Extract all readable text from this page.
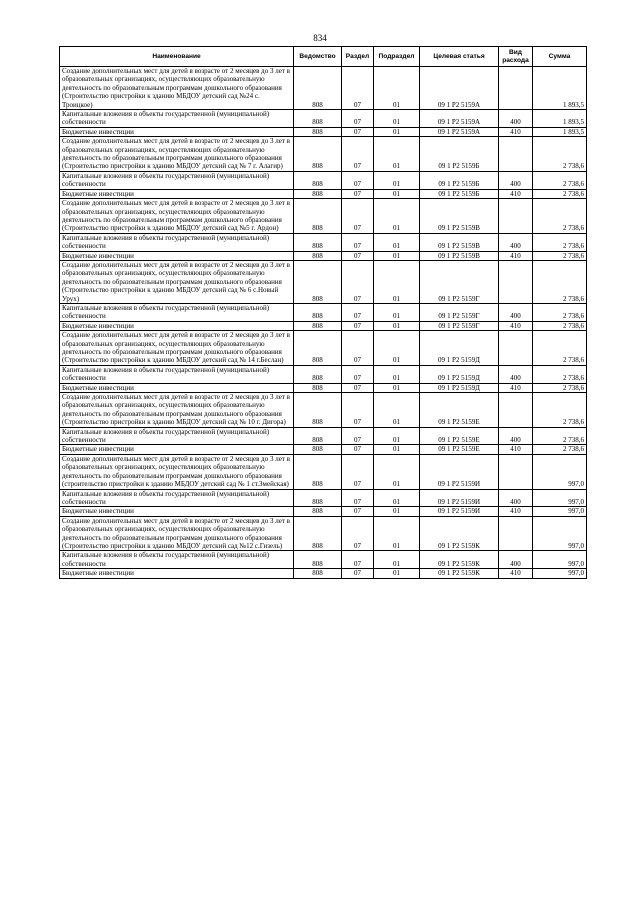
834
Наименование	Ведомство	Раздел	Подраздел	Целевая статья	Вид расхода	Сумма
Создание дополнительных мест для детей в возрасте от 2 месяцев до 3 лет в образовательных организациях, осуществляющих образовательную деятельность по образовательным программам дошкольного образования (Строительство пристройки к зданию МБДОУ детский сад №24 с. Троицкое)	808	07	01	09 1 P2 5159A		1 893,5
Капитальные вложения в объекты государственной (муниципальной) собственности	808	07	01	09 1 P2 5159A	400	1 893,5
Бюджетные инвестиции	808	07	01	09 1 P2 5159A	410	1 893,5
Создание дополнительных мест для детей в возрасте от 2 месяцев до 3 лет в образовательных организациях, осуществляющих образовательную деятельность по образовательным программам дошкольного образования (Строительство пристройки к зданию МБДОУ детский сад № 7 г. Алагир)	808	07	01	09 1 P2 5159Б		2 738,6
Капитальные вложения в объекты государственной (муниципальной) собственности	808	07	01	09 1 P2 5159Б	400	2 738,6
Бюджетные инвестиции	808	07	01	09 1 P2 5159Б	410	2 738,6
Создание дополнительных мест для детей в возрасте от 2 месяцев до 3 лет в образовательных организациях, осуществляющих образовательную деятельность по образовательным программам дошкольного образования (Строительство пристройки к зданию МБДОУ детский сад №5 г. Ардон)	808	07	01	09 1 P2 5159В		2 738,6
Капитальные вложения в объекты государственной (муниципальной) собственности	808	07	01	09 1 P2 5159В	400	2 738,6
Бюджетные инвестиции	808	07	01	09 1 P2 5159В	410	2 738,6
Создание дополнительных мест для детей в возрасте от 2 месяцев до 3 лет в образовательных организациях, осуществляющих образовательную деятельность по образовательным программам дошкольного образования (Строительство пристройки к зданию МБДОУ детский сад № 6 с.Новый Урух)	808	07	01	09 1 P2 5159Г		2 738,6
Капитальные вложения в объекты государственной (муниципальной) собственности	808	07	01	09 1 P2 5159Г	400	2 738,6
Бюджетные инвестиции	808	07	01	09 1 P2 5159Г	410	2 738,6
Создание дополнительных мест для детей в возрасте от 2 месяцев до 3 лет в образовательных организациях, осуществляющих образовательную деятельность по образовательным программам дошкольного образования (Строительство пристройки к зданию МБДОУ детский сад № 14 г.Беслан)	808	07	01	09 1 P2 5159Д		2 738,6
Капитальные вложения в объекты государственной (муниципальной) собственности	808	07	01	09 1 P2 5159Д	400	2 738,6
Бюджетные инвестиции	808	07	01	09 1 P2 5159Д	410	2 738,6
Создание дополнительных мест для детей в возрасте от 2 месяцев до 3 лет в образовательных организациях, осуществляющих образовательную деятельность по образовательным программам дошкольного образования (Строительство пристройки к зданию МБДОУ детский сад № 10 г. Дигора)	808	07	01	09 1 P2 5159Е		2 738,6
Капитальные вложения в объекты государственной (муниципальной) собственности	808	07	01	09 1 P2 5159Е	400	2 738,6
Бюджетные инвестиции	808	07	01	09 1 P2 5159Е	410	2 738,6
Создание дополнительных мест для детей в возрасте от 2 месяцев до 3 лет в образовательных организациях, осуществляющих образовательную деятельность по образовательным программам дошкольного образования (строительство пристройки к зданию МБДОУ детский сад № 1 ст.Змейская)	808	07	01	09 1 P2 5159И		997,0
Капитальные вложения в объекты государственной (муниципальной) собственности	808	07	01	09 1 P2 5159И	400	997,0
Бюджетные инвестиции	808	07	01	09 1 P2 5159И	410	997,0
Создание дополнительных мест для детей в возрасте от 2 месяцев до 3 лет в образовательных организациях, осуществляющих образовательную деятельность по образовательным программам дошкольного образования (Строительство пристройки к зданию МБДОУ детский сад №12 с.Гизель)	808	07	01	09 1 P2 5159К		997,0
Капитальные вложения в объекты государственной (муниципальной) собственности	808	07	01	09 1 P2 5159К	400	997,0
Бюджетные инвестиции	808	07	01	09 1 P2 5159К	410	997,0
